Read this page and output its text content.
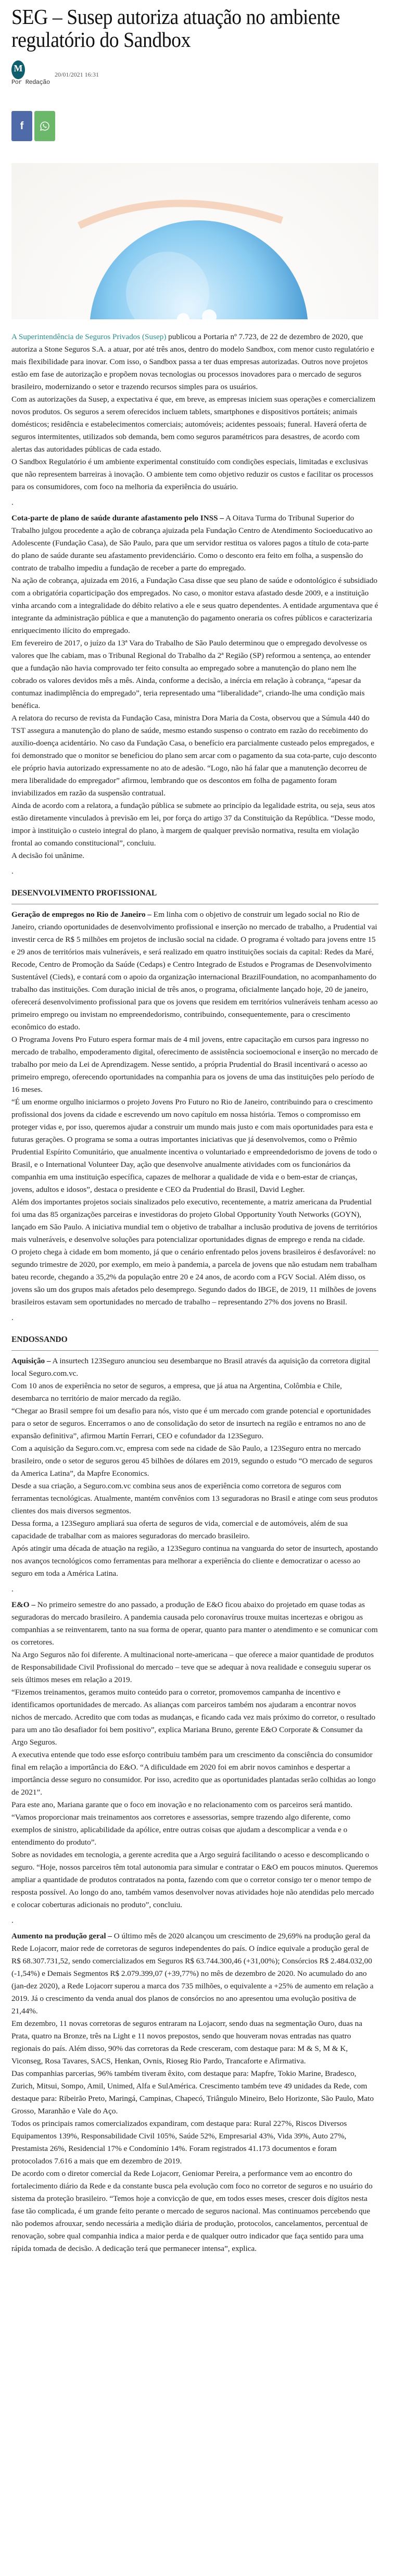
SEG – Susep autoriza atuação no ambiente regulatório do Sandbox
M
20/01/2021 16:31
Por Redação
f

A Superintendência de Seguros Privados (Susep) publicou a Portaria nº 7.723, de 22 de dezembro de 2020, que autoriza a Stone Seguros S.A. a atuar, por até três anos, dentro do modelo Sandbox, com menor custo regulatório e mais flexibilidade para inovar. Com isso, o Sandbox passa a ter duas empresas autorizadas. Outros nove projetos estão em fase de autorização e propõem novas tecnologias ou processos inovadores para o mercado de seguros brasileiro, modernizando o setor e trazendo recursos simples para os usuários.

Com as autorizações da Susep, a expectativa é que, em breve, as empresas iniciem suas operações e comercializem novos produtos. Os seguros a serem oferecidos incluem tablets, smartphones e dispositivos portáteis; animais domésticos; residência e estabelecimentos comerciais; automóveis; acidentes pessoais; funeral. Haverá oferta de seguros intermitentes, utilizados sob demanda, bem como seguros paramétricos para desastres, de acordo com alertas das autoridades públicas de cada estado.

O Sandbox Regulatório é um ambiente experimental constituído com condições especiais, limitadas e exclusivas que não representem barreiras à inovação. O ambiente tem como objetivo reduzir os custos e facilitar os processos para os consumidores, com foco na melhoria da experiência do usuário.

.

Cota-parte de plano de saúde durante afastamento pelo INSS – A Oitava Turma do Tribunal Superior do Trabalho julgou procedente a ação de cobrança ajuizada pela Fundação Centro de Atendimento Socioeducativo ao Adolescente (Fundação Casa), de São Paulo, para que um servidor restitua os valores pagos a título de cota-parte do plano de saúde durante seu afastamento previdenciário. Como o desconto era feito em folha, a suspensão do contrato de trabalho impediu a fundação de receber a parte do empregado.

Na ação de cobrança, ajuizada em 2016, a Fundação Casa disse que seu plano de saúde e odontológico é subsidiado com a obrigatória coparticipação dos empregados. No caso, o monitor estava afastado desde 2009, e a instituição vinha arcando com a integralidade do débito relativo a ele e seus quatro dependentes. A entidade argumentava que é integrante da administração pública e que a manutenção do pagamento oneraria os cofres públicos e caracterizaria enriquecimento ilícito do empregado.

Em fevereiro de 2017, o juízo da 13ª Vara do Trabalho de São Paulo determinou que o empregado devolvesse os valores que lhe cabiam, mas o Tribunal Regional do Trabalho da 2ª Região (SP) reformou a sentença, ao entender que a fundação não havia comprovado ter feito consulta ao empregado sobre a manutenção do plano nem lhe cobrado os valores devidos mês a mês. Ainda, conforme a decisão, a inércia em relação à cobrança, “apesar da contumaz inadimplência do empregado”, teria representado uma “liberalidade”, criando-lhe uma condição mais benéfica.

A relatora do recurso de revista da Fundação Casa, ministra Dora Maria da Costa, observou que a Súmula 440 do TST assegura a manutenção do plano de saúde, mesmo estando suspenso o contrato em razão do recebimento do auxílio-doença acidentário. No caso da Fundação Casa, o benefício era parcialmente custeado pelos empregados, e foi demonstrado que o monitor se beneficiou do plano sem arcar com o pagamento da sua cota-parte, cujo desconto ele próprio havia autorizado expressamente no ato de adesão. “Logo, não há falar que a manutenção decorreu de mera liberalidade do empregador” afirmou, lembrando que os descontos em folha de pagamento foram inviabilizados em razão da suspensão contratual.

Ainda de acordo com a relatora, a fundação pública se submete ao princípio da legalidade estrita, ou seja, seus atos estão diretamente vinculados à previsão em lei, por força do artigo 37 da Constituição da República. “Desse modo, impor à instituição o custeio integral do plano, à margem de qualquer previsão normativa, resulta em violação frontal ao comando constitucional”, concluiu.

A decisão foi unânime.

.

DESENVOLVIMENTO PROFISSIONAL

Geração de empregos no Rio de Janeiro – Em linha com o objetivo de construir um legado social no Rio de Janeiro, criando oportunidades de desenvolvimento profissional e inserção no mercado de trabalho, a Prudential vai investir cerca de R$ 5 milhões em projetos de inclusão social na cidade. O programa é voltado para jovens entre 15 e 29 anos de territórios mais vulneráveis, e será realizado em quatro instituições sociais da capital: Redes da Maré, Recode, Centro de Promoção da Saúde (Cedaps) e Centro Integrado de Estudos e Programas de Desenvolvimento Sustentável (Cieds), e contará com o apoio da organização internacional BrazilFoundation, no acompanhamento do trabalho das instituições. Com duração inicial de três anos, o programa, oficialmente lançado hoje, 20 de janeiro, oferecerá desenvolvimento profissional para que os jovens que residem em territórios vulneráveis tenham acesso ao primeiro emprego ou invistam no empreendedorismo, contribuindo, consequentemente, para o crescimento econômico do estado.

O Programa Jovens Pro Futuro espera formar mais de 4 mil jovens, entre capacitação em cursos para ingresso no mercado de trabalho, empoderamento digital, oferecimento de assistência socioemocional e inserção no mercado de trabalho por meio da Lei de Aprendizagem. Nesse sentido, a própria Prudential do Brasil incentivará o acesso ao primeiro emprego, oferecendo oportunidades na companhia para os jovens de uma das instituições pelo período de 16 meses.

“É um enorme orgulho iniciarmos o projeto Jovens Pro Futuro no Rio de Janeiro, contribuindo para o crescimento profissional dos jovens da cidade e escrevendo um novo capítulo em nossa história. Temos o compromisso em proteger vidas e, por isso, queremos ajudar a construir um mundo mais justo e com mais oportunidades para esta e futuras gerações. O programa se soma a outras importantes iniciativas que já desenvolvemos, como o Prêmio Prudential Espírito Comunitário, que anualmente incentiva o voluntariado e empreendedorismo de jovens de todo o Brasil, e o International Volunteer Day, ação que desenvolve anualmente atividades com os funcionários da companhia em uma instituição específica, capazes de melhorar a qualidade de vida e o bem-estar de crianças, jovens, adultos e idosos”, destaca o presidente e CEO da Prudential do Brasil, David Legher.

Além dos importantes projetos sociais sinalizados pelo executivo, recentemente, a matriz americana da Prudential foi uma das 85 organizações parceiras e investidoras do projeto Global Opportunity Youth Networks (GOYN), lançado em São Paulo. A iniciativa mundial tem o objetivo de trabalhar a inclusão produtiva de jovens de territórios mais vulneráveis, e desenvolve soluções para potencializar oportunidades dignas de emprego e renda na cidade.

O projeto chega à cidade em bom momento, já que o cenário enfrentado pelos jovens brasileiros é desfavorável: no segundo trimestre de 2020, por exemplo, em meio à pandemia, a parcela de jovens que não estudam nem trabalham bateu recorde, chegando a 35,2% da população entre 20 e 24 anos, de acordo com a FGV Social. Além disso, os jovens são um dos grupos mais afetados pelo desemprego. Segundo dados do IBGE, de 2019, 11 milhões de jovens brasileiros estavam sem oportunidades no mercado de trabalho – representando 27% dos jovens no Brasil.

.

ENDOSSANDO

Aquisição – A insurtech 123Seguro anunciou seu desembarque no Brasil através da aquisição da corretora digital local Seguro.com.vc.

Com 10 anos de experiência no setor de seguros, a empresa, que já atua na Argentina, Colômbia e Chile, desembarca no território de maior mercado da região.

“Chegar ao Brasil sempre foi um desafio para nós, visto que é um mercado com grande potencial e oportunidades para o setor de seguros. Encerramos o ano de consolidação do setor de insurtech na região e entramos no ano de expansão definitiva”, afirmou Martín Ferrari, CEO e cofundador da 123Seguro.

Com a aquisição da Seguro.com.vc, empresa com sede na cidade de São Paulo, a 123Seguro entra no mercado brasileiro, onde o setor de seguros gerou 45 bilhões de dólares em 2019, segundo o estudo “O mercado de seguros da America Latina”, da Mapfre Economics.

Desde a sua criação, a Seguro.com.vc combina seus anos de experiência como corretora de seguros com ferramentas tecnológicas. Atualmente, mantém convênios com 13 seguradoras no Brasil e atinge com seus produtos clientes dos mais diversos segmentos.

Dessa forma, a 123Seguro ampliará sua oferta de seguros de vida, comercial e de automóveis, além de sua capacidade de trabalhar com as maiores seguradoras do mercado brasileiro.

Após atingir uma década de atuação na região, a 123Seguro continua na vanguarda do setor de insurtech, apostando nos avanços tecnológicos como ferramentas para melhorar a experiência do cliente e democratizar o acesso ao seguro em toda a América Latina.

.

E&O – No primeiro semestre do ano passado, a produção de E&O ficou abaixo do projetado em quase todas as seguradoras do mercado brasileiro. A pandemia causada pelo coronavírus trouxe muitas incertezas e obrigou as companhias a se reinventarem, tanto na sua forma de operar, quanto para manter o atendimento e se comunicar com os corretores.

Na Argo Seguros não foi diferente. A multinacional norte-americana – que oferece a maior quantidade de produtos de Responsabilidade Civil Profissional do mercado – teve que se adequar à nova realidade e conseguiu superar os seis últimos meses em relação a 2019.

“Fizemos treinamentos, geramos muito conteúdo para o corretor, promovemos campanha de incentivo e identificamos oportunidades de mercado. As alianças com parceiros também nos ajudaram a encontrar novos nichos de mercado. Acredito que com todas as mudanças, e ficando cada vez mais próximo do corretor, o resultado para um ano tão desafiador foi bem positivo”, explica Mariana Bruno, gerente E&O Corporate & Consumer da Argo Seguros.

A executiva entende que todo esse esforço contribuiu também para um crescimento da consciência do consumidor final em relação a importância do E&O. “A dificuldade em 2020 foi em abrir novos caminhos e despertar a importância desse seguro no consumidor. Por isso, acredito que as oportunidades plantadas serão colhidas ao longo de 2021”.

Para este ano, Mariana garante que o foco em inovação e no relacionamento com os parceiros será mantido. “Vamos proporcionar mais treinamentos aos corretores e assessorias, sempre trazendo algo diferente, como exemplos de sinistro, aplicabilidade da apólice, entre outras coisas que ajudam a descomplicar a venda e o entendimento do produto”.

Sobre as novidades em tecnologia, a gerente acredita que a Argo seguirá facilitando o acesso e descomplicando o seguro. “Hoje, nossos parceiros têm total autonomia para simular e contratar o E&O em poucos minutos. Queremos ampliar a quantidade de produtos contratados na ponta, fazendo com que o corretor consigo ter o menor tempo de resposta possível. Ao longo do ano, também vamos desenvolver novas atividades hoje não atendidas pelo mercado e colocar coberturas adicionais no produto”, concluiu.

.

Aumento na produção geral – O último mês de 2020 alcançou um crescimento de 29,69% na produção geral da Rede Lojacorr, maior rede de corretoras de seguros independentes do país. O índice equivale a produção geral de R$ 68.307.731,52, sendo comercializados em Seguros R$ 63.744.300,46 (+31,00%); Consórcios R$ 2.484.032,00 (-1,54%) e Demais Segmentos R$ 2.079.399,07 (+39,77%) no mês de dezembro de 2020. No acumulado do ano (jan-dez 2020), a Rede Lojacorr superou a marca dos 735 milhões, o equivalente a +25% de aumento em relação a 2019. Já o crescimento da venda anual dos planos de consórcios no ano apresentou uma evolução positiva de 21,44%.

Em dezembro, 11 novas corretoras de seguros entraram na Lojacorr, sendo duas na segmentação Ouro, duas na Prata, quatro na Bronze, três na Light e 11 novos prepostos, sendo que houveram novas entradas nas quatro regionais do país. Além disso, 90% das corretoras da Rede cresceram, com destaque para: M & S, M & K, Viconseg, Rosa Tavares, SACS, Henkan, Ovnis, Rioseg Rio Pardo, Trancaforte e Afirmativa.

Das companhias parcerias, 96% também tiveram êxito, com destaque para: Mapfre, Tokio Marine, Bradesco, Zurich, Mitsui, Sompo, Amil, Unimed, Alfa e SulAmérica. Crescimento também teve 49 unidades da Rede, com destaque para: Ribeirão Preto, Maringá, Campinas, Chapecó, Triângulo Mineiro, Belo Horizonte, São Paulo, Mato Grosso, Maranhão e Vale do Aço.

Todos os principais ramos comercializados expandiram, com destaque para: Rural 227%, Riscos Diversos Equipamentos 139%, Responsabilidade Civil 105%, Saúde 52%, Empresarial 43%, Vida 39%, Auto 27%, Prestamista 26%, Residencial 17% e Condomínio 14%. Foram registrados 41.173 documentos e foram protocolados 7.616 a mais que em dezembro de 2019.

De acordo com o diretor comercial da Rede Lojacorr, Geniomar Pereira, a performance vem ao encontro do fortalecimento diário da Rede e da constante busca pela evolução com foco no corretor de seguros e no usuário do sistema da proteção brasileiro. “Temos hoje a convicção de que, em todos esses meses, crescer dois dígitos nesta fase tão complicada, é um grande feito perante o mercado de seguros nacional. Mas continuamos percebendo que não podemos afrouxar, sendo necessária a medição diária de produção, protocolos, cancelamentos, percentual de renovação, sobre qual companhia indica a maior perda e de qualquer outro indicador que faça sentido para uma rápida tomada de decisão. A dedicação terá que permanecer intensa”, explica.
